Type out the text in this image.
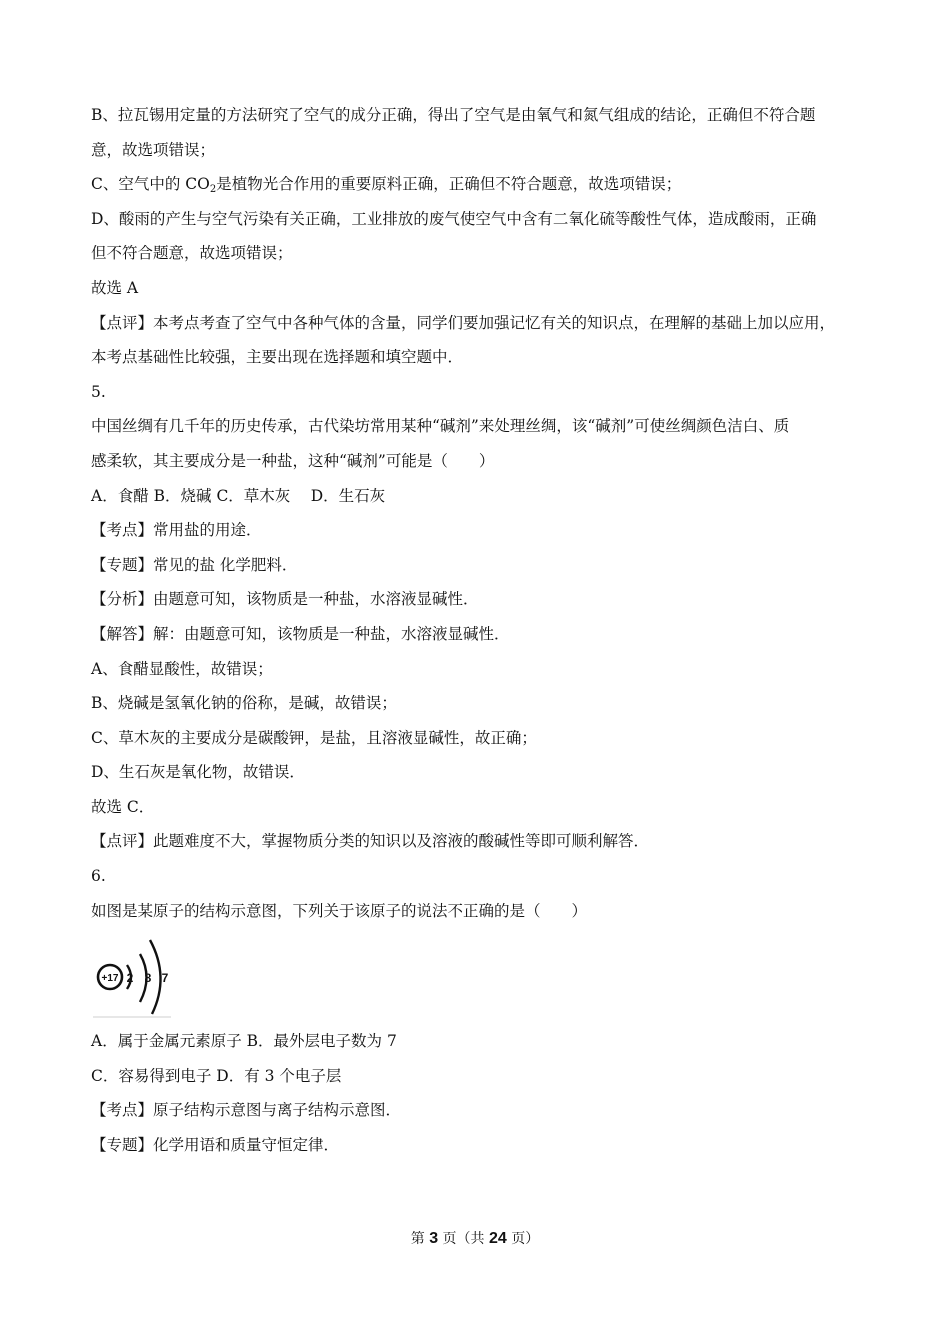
B、拉瓦锡用定量的方法研究了空气的成分正确，得出了空气是由氧气和氮气组成的结论，正确但不符合题

意，故选项错误；

C、空气中的 $CO_2$是植物光合作用的重要原料正确，正确但不符合题意，故选项错误；

D、酸雨的产生与空气污染有关正确，工业排放的废气使空气中含有二氧化硫等酸性气体，造成酸雨，正确

但不符合题意，故选项错误；

故选 A

【点评】本考点考查了空气中各种气体的含量，同学们要加强记忆有关的知识点，在理解的基础上加以应用，

本考点基础性比较强，主要出现在选择题和填空题中．

5.

中国丝绸有几千年的历史传承，古代染坊常用某种“碱剂”来处理丝绸，该“碱剂”可使丝绸颜色洁白、质

感柔软，其主要成分是一种盐，这种“碱剂”可能是（　　）

A．食醋 B．烧碱 C．草木灰　 D．生石灰

【考点】常用盐的用途．

【专题】常见的盐 化学肥料．

【分析】由题意可知，该物质是一种盐，水溶液显碱性．

【解答】解：由题意可知，该物质是一种盐，水溶液显碱性．

A、食醋显酸性，故错误；

B、烧碱是氢氧化钠的俗称，是碱，故错误；

C、草木灰的主要成分是碳酸钾，是盐，且溶液显碱性，故正确；

D、生石灰是氧化物，故错误．

故选 C．

【点评】此题难度不大，掌握物质分类的知识以及溶液的酸碱性等即可顺利解答．

6.

如图是某原子的结构示意图，下列关于该原子的说法不正确的是（　　）

+17 2 8 7

A．属于金属元素原子 B．最外层电子数为 7

C．容易得到电子 D．有 3 个电子层

【考点】原子结构示意图与离子结构示意图．

【专题】化学用语和质量守恒定律．

第 3 页（共 24 页）
